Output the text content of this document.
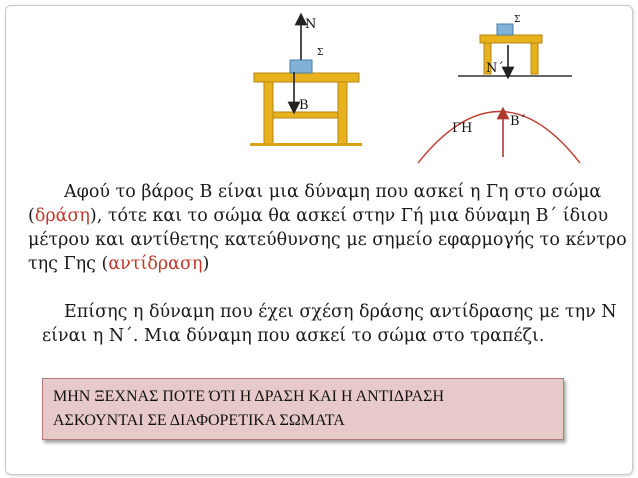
N
Σ
B
Σ
N΄
ΓΗ	Β΄
Αφού το βάρος Β είναι μια δύναμη που ασκεί η Γη στο σώμα (δράση), τότε και το σώμα θα ασκεί στην Γή μια δύναμη Β΄ ίδιου μέτρου και αντίθετης κατεύθυνσης με σημείο εφαρμογής το κέντρο της Γης (αντίδραση)
Επίσης η δύναμη που έχει σχέση δράσης αντίδρασης με την Ν είναι η Ν΄. Μια δύναμη που ασκεί το σώμα στο τραπέζι.
ΜΗΝ ΞΕΧΝΑΣ ΠΟΤΕ ΌΤΙ Η ΔΡΑΣΗ ΚΑΙ Η ΑΝΤΙΔΡΑΣΗ
ΑΣΚΟΥΝΤΑΙ ΣΕ ΔΙΑΦΟΡΕΤΙΚΑ ΣΩΜΑΤΑ
